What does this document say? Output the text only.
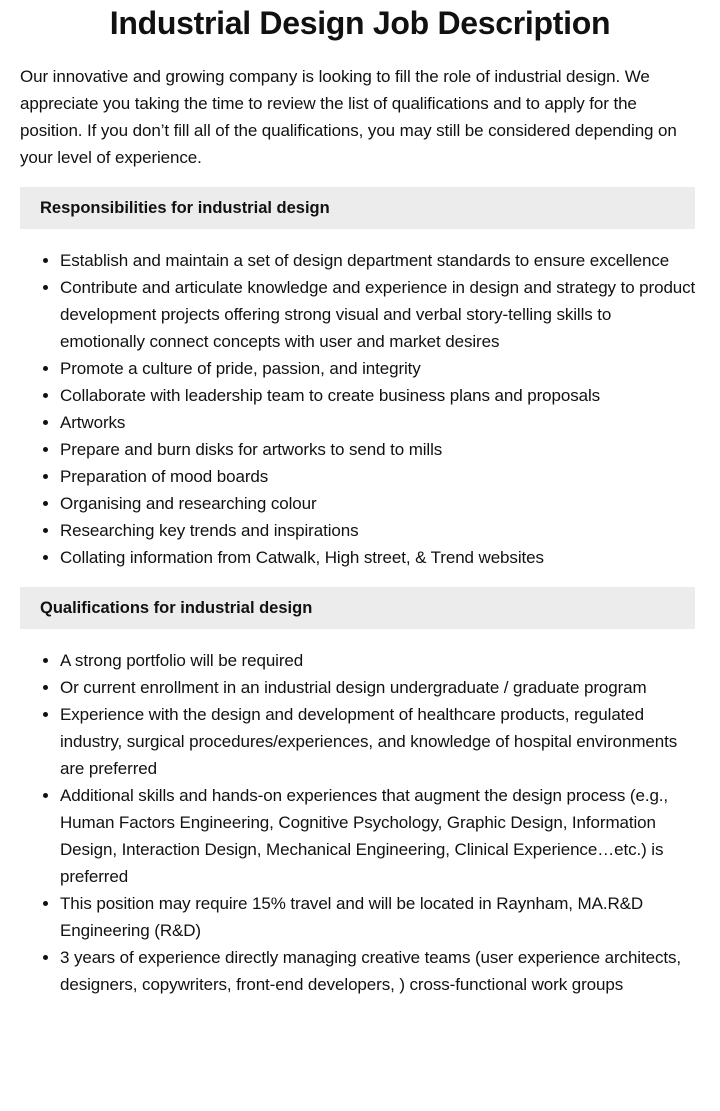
Industrial Design Job Description

Our innovative and growing company is looking to fill the role of industrial design. We appreciate you taking the time to review the list of qualifications and to apply for the position. If you don’t fill all of the qualifications, you may still be considered depending on your level of experience.

Responsibilities for industrial design
• Establish and maintain a set of design department standards to ensure excellence
• Contribute and articulate knowledge and experience in design and strategy to product development projects offering strong visual and verbal story-telling skills to emotionally connect concepts with user and market desires
• Promote a culture of pride, passion, and integrity
• Collaborate with leadership team to create business plans and proposals
• Artworks
• Prepare and burn disks for artworks to send to mills
• Preparation of mood boards
• Organising and researching colour
• Researching key trends and inspirations
• Collating information from Catwalk, High street, & Trend websites
Qualifications for industrial design
• A strong portfolio will be required
• Or current enrollment in an industrial design undergraduate / graduate program
• Experience with the design and development of healthcare products, regulated industry, surgical procedures/experiences, and knowledge of hospital environments are preferred
• Additional skills and hands-on experiences that augment the design process (e.g., Human Factors Engineering, Cognitive Psychology, Graphic Design, Information Design, Interaction Design, Mechanical Engineering, Clinical Experience…etc.) is preferred
• This position may require 15% travel and will be located in Raynham, MA.R&D Engineering (R&D)
• 3 years of experience directly managing creative teams (user experience architects, designers, copywriters, front-end developers, ) cross-functional work groups
